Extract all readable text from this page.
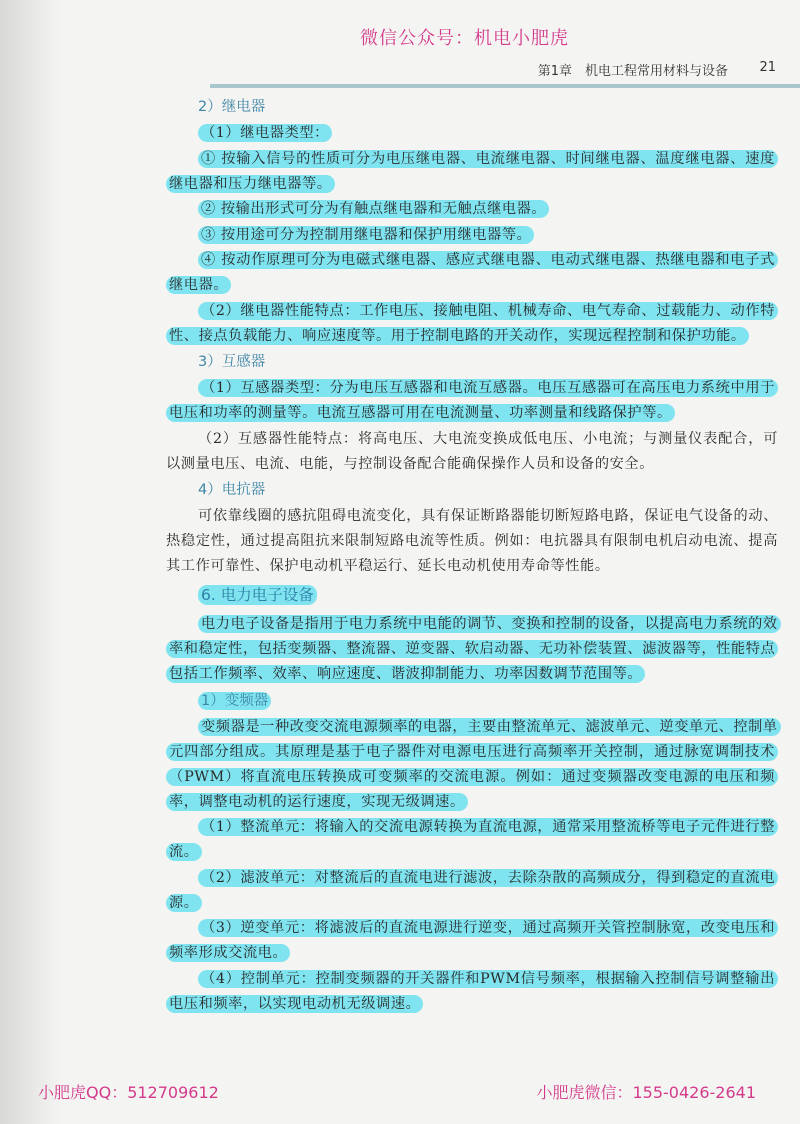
微信公众号：机电小肥虎
第1章　机电工程常用材料与设备 21
2）继电器

（1）继电器类型：

① 按输入信号的性质可分为电压继电器、电流继电器、时间继电器、温度继电器、速度继电器和压力继电器等。

② 按输出形式可分为有触点继电器和无触点继电器。

③ 按用途可分为控制用继电器和保护用继电器等。

④ 按动作原理可分为电磁式继电器、感应式继电器、电动式继电器、热继电器和电子式继电器。

（2）继电器性能特点：工作电压、接触电阻、机械寿命、电气寿命、过载能力、动作特性、接点负载能力、响应速度等。用于控制电路的开关动作，实现远程控制和保护功能。

3）互感器

（1）互感器类型：分为电压互感器和电流互感器。电压互感器可在高压电力系统中用于电压和功率的测量等。电流互感器可用在电流测量、功率测量和线路保护等。

（2）互感器性能特点：将高电压、大电流变换成低电压、小电流；与测量仪表配合，可以测量电压、电流、电能，与控制设备配合能确保操作人员和设备的安全。

4）电抗器

可依靠线圈的感抗阻碍电流变化，具有保证断路器能切断短路电路，保证电气设备的动、热稳定性，通过提高阻抗来限制短路电流等性质。例如：电抗器具有限制电机启动电流、提高其工作可靠性、保护电动机平稳运行、延长电动机使用寿命等性能。

6. 电力电子设备

电力电子设备是指用于电力系统中电能的调节、变换和控制的设备，以提高电力系统的效率和稳定性，包括变频器、整流器、逆变器、软启动器、无功补偿装置、滤波器等，性能特点包括工作频率、效率、响应速度、谐波抑制能力、功率因数调节范围等。

1）变频器

变频器是一种改变交流电源频率的电器，主要由整流单元、滤波单元、逆变单元、控制单元四部分组成。其原理是基于电子器件对电源电压进行高频率开关控制，通过脉宽调制技术（PWM）将直流电压转换成可变频率的交流电源。例如：通过变频器改变电源的电压和频率，调整电动机的运行速度，实现无级调速。

（1）整流单元：将输入的交流电源转换为直流电源，通常采用整流桥等电子元件进行整流。

（2）滤波单元：对整流后的直流电进行滤波，去除杂散的高频成分，得到稳定的直流电源。

（3）逆变单元：将滤波后的直流电源进行逆变，通过高频开关管控制脉宽，改变电压和频率形成交流电。

（4）控制单元：控制变频器的开关器件和PWM信号频率，根据输入控制信号调整输出电压和频率，以实现电动机无级调速。

小肥虎QQ：512709612	小肥虎微信：155-0426-2641
